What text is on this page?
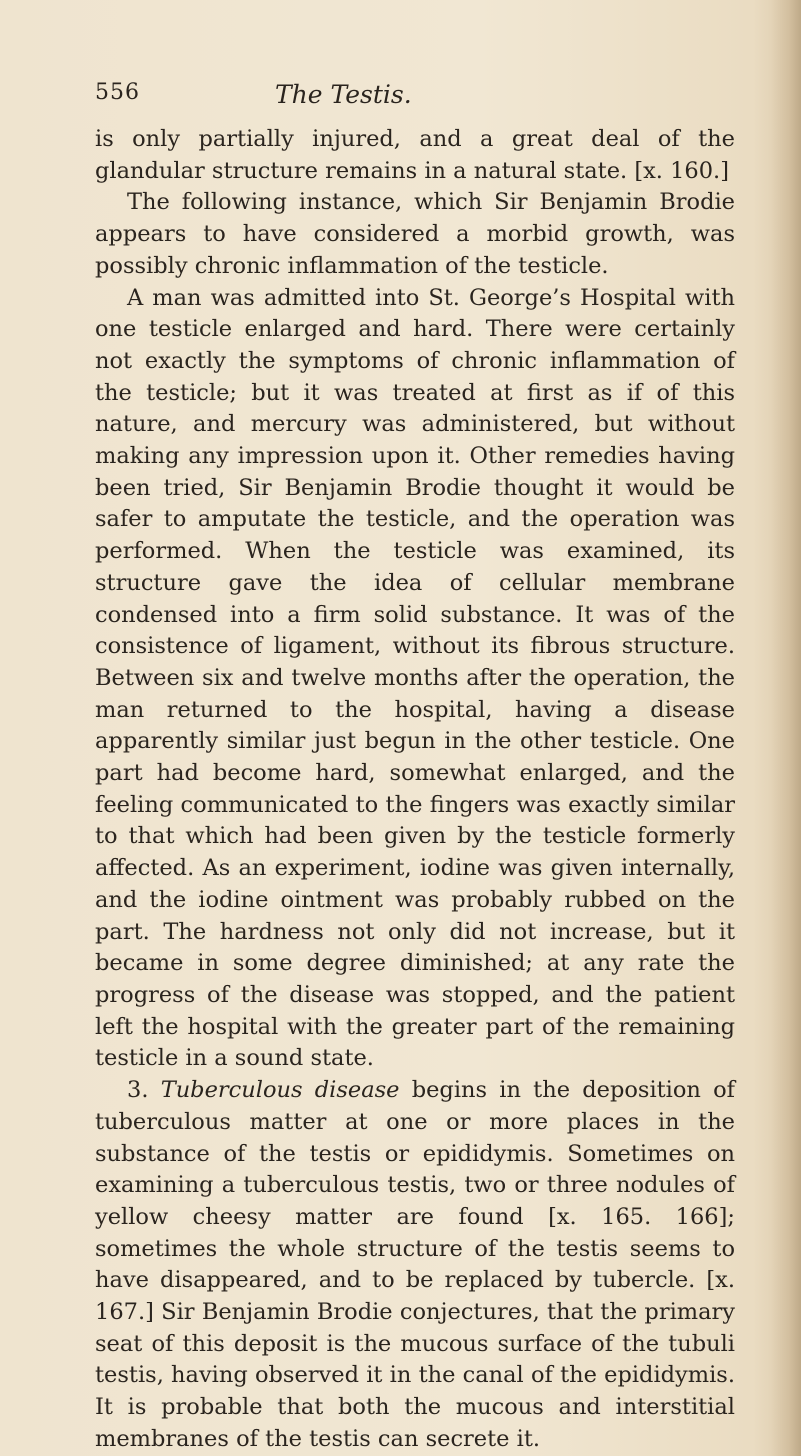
556	The Testis.

is only partially injured, and a great deal of the glandular structure remains in a natural state. [x. 160.]

The following instance, which Sir Benjamin Brodie appears to have considered a morbid growth, was possibly chronic inflammation of the testicle.

A man was admitted into St. George’s Hospital with one testicle enlarged and hard. There were certainly not exactly the symptoms of chronic inflammation of the testicle; but it was treated at first as if of this nature, and mercury was administered, but without making any impression upon it. Other remedies having been tried, Sir Benjamin Brodie thought it would be safer to amputate the testicle, and the operation was performed. When the testicle was examined, its structure gave the idea of cellular membrane condensed into a firm solid substance. It was of the consistence of ligament, without its fibrous structure. Between six and twelve months after the operation, the man returned to the hospital, having a disease apparently similar just begun in the other testicle. One part had become hard, somewhat enlarged, and the feeling communicated to the fingers was exactly similar to that which had been given by the testicle formerly affected. As an experiment, iodine was given internally, and the iodine ointment was probably rubbed on the part. The hardness not only did not increase, but it became in some degree diminished; at any rate the progress of the disease was stopped, and the patient left the hospital with the greater part of the remaining testicle in a sound state.

3. Tuberculous disease begins in the deposition of tuberculous matter at one or more places in the substance of the testis or epididymis. Sometimes on examining a tuberculous testis, two or three nodules of yellow cheesy matter are found [x. 165. 166]; sometimes the whole structure of the testis seems to have disappeared, and to be replaced by tubercle. [x. 167.] Sir Benjamin Brodie conjectures, that the primary seat of this deposit is the mucous surface of the tubuli testis, having observed it in the canal of the epididymis. It is probable that both the mucous and interstitial membranes of the testis can secrete it.
